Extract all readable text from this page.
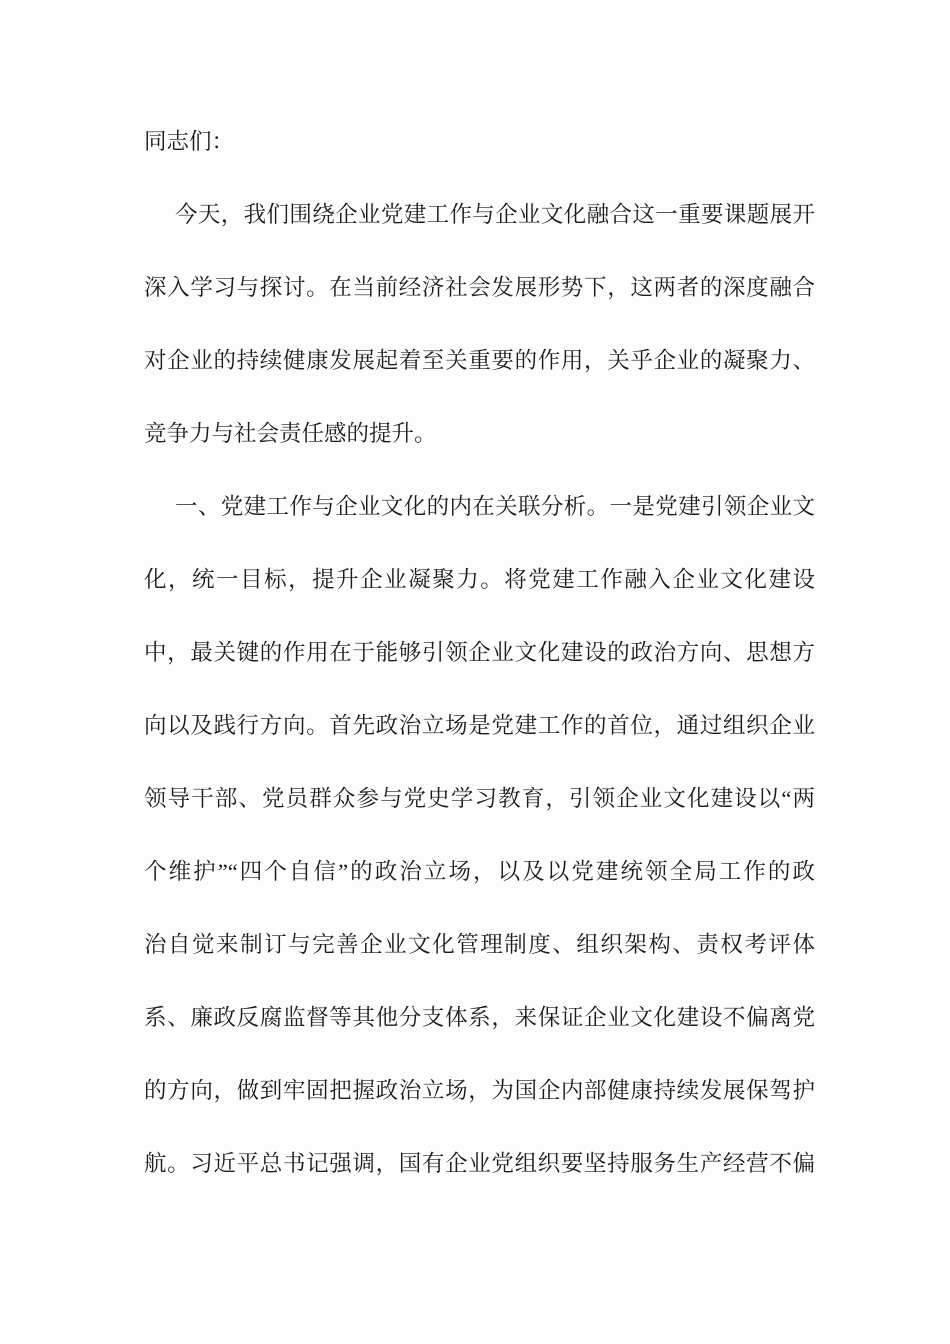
同志们：
今天，我们围绕企业党建工作与企业文化融合这一重要课题展开
深入学习与探讨。在当前经济社会发展形势下，这两者的深度融合
对企业的持续健康发展起着至关重要的作用，关乎企业的凝聚力、
竞争力与社会责任感的提升。
一、党建工作与企业文化的内在关联分析。一是党建引领企业文
化，统一目标，提升企业凝聚力。将党建工作融入企业文化建设
中，最关键的作用在于能够引领企业文化建设的政治方向、思想方
向以及践行方向。首先政治立场是党建工作的首位，通过组织企业
领导干部、党员群众参与党史学习教育，引领企业文化建设以“两
个维护”“四个自信”的政治立场，以及以党建统领全局工作的政
治自觉来制订与完善企业文化管理制度、组织架构、责权考评体
系、廉政反腐监督等其他分支体系，来保证企业文化建设不偏离党
的方向，做到牢固把握政治立场，为国企内部健康持续发展保驾护
航。习近平总书记强调，国有企业党组织要坚持服务生产经营不偏
